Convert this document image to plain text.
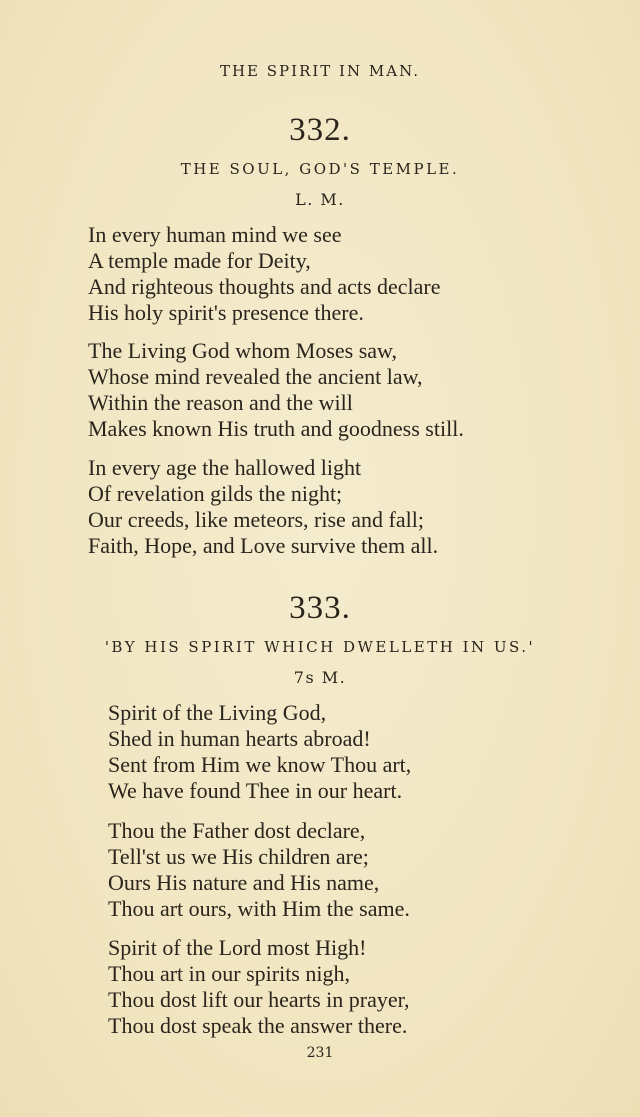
THE SPIRIT IN MAN.
332.
THE SOUL, GOD'S TEMPLE.
L. M.
In every human mind we see
A temple made for Deity,
And righteous thoughts and acts declare
His holy spirit's presence there.
The Living God whom Moses saw,
Whose mind revealed the ancient law,
Within the reason and the will
Makes known His truth and goodness still.
In every age the hallowed light
Of revelation gilds the night;
Our creeds, like meteors, rise and fall;
Faith, Hope, and Love survive them all.
333.
'BY HIS SPIRIT WHICH DWELLETH IN US.'
7s M.
Spirit of the Living God,
Shed in human hearts abroad!
Sent from Him we know Thou art,
We have found Thee in our heart.
Thou the Father dost declare,
Tell'st us we His children are;
Ours His nature and His name,
Thou art ours, with Him the same.
Spirit of the Lord most High!
Thou art in our spirits nigh,
Thou dost lift our hearts in prayer,
Thou dost speak the answer there.
231
